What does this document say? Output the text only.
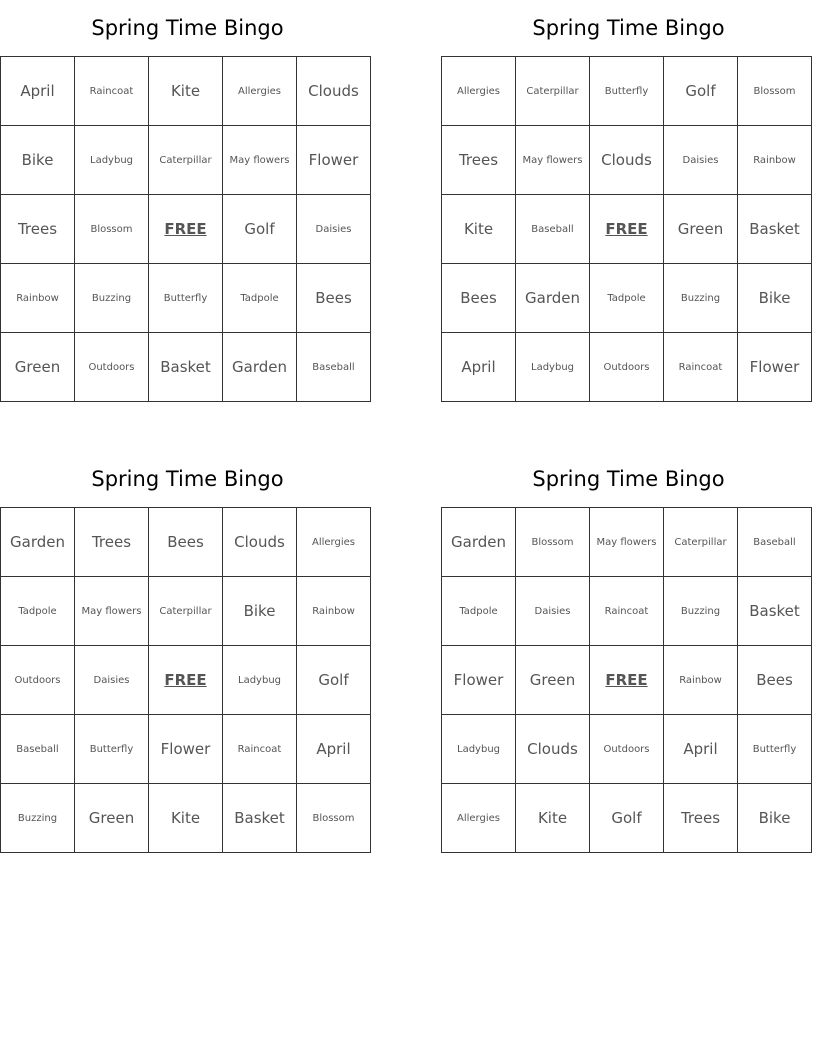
Spring Time Bingo
April	Raincoat	Kite	Allergies	Clouds
Bike	Ladybug	Caterpillar	May flowers	Flower
Trees	Blossom	FREE	Golf	Daisies
Rainbow	Buzzing	Butterfly	Tadpole	Bees
Green	Outdoors	Basket	Garden	Baseball
Spring Time Bingo
Allergies	Caterpillar	Butterfly	Golf	Blossom
Trees	May flowers	Clouds	Daisies	Rainbow
Kite	Baseball	FREE	Green	Basket
Bees	Garden	Tadpole	Buzzing	Bike
April	Ladybug	Outdoors	Raincoat	Flower
Spring Time Bingo
Garden	Trees	Bees	Clouds	Allergies
Tadpole	May flowers	Caterpillar	Bike	Rainbow
Outdoors	Daisies	FREE	Ladybug	Golf
Baseball	Butterfly	Flower	Raincoat	April
Buzzing	Green	Kite	Basket	Blossom
Spring Time Bingo
Garden	Blossom	May flowers	Caterpillar	Baseball
Tadpole	Daisies	Raincoat	Buzzing	Basket
Flower	Green	FREE	Rainbow	Bees
Ladybug	Clouds	Outdoors	April	Butterfly
Allergies	Kite	Golf	Trees	Bike
